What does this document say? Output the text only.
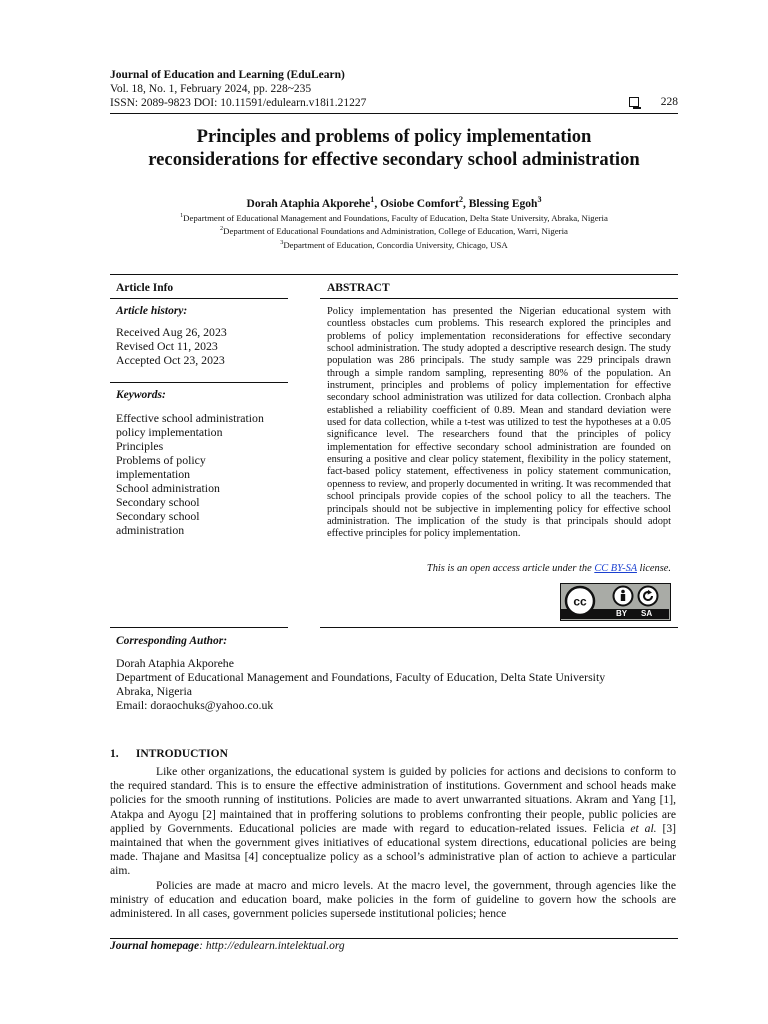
Journal of Education and Learning (EduLearn)
Vol. 18, No. 1, February 2024, pp. 228~235
ISSN: 2089-9823 DOI: 10.11591/edulearn.v18i1.21227	228
Principles and problems of policy implementation
reconsiderations for effective secondary school administration
Dorah Ataphia Akporehe$^1$, Osiobe Comfort$^2$, Blessing Egoh$^3$
$^1$Department of Educational Management and Foundations, Faculty of Education, Delta State University, Abraka, Nigeria
$^2$Department of Educational Foundations and Administration, College of Education, Warri, Nigeria
$^3$Department of Education, Concordia University, Chicago, USA
Article Info
Article history:
Received Aug 26, 2023
Revised Oct 11, 2023
Accepted Oct 23, 2023
Keywords:
Effective school administration
policy implementation
Principles
Problems of policy
implementation
School administration
Secondary school
Secondary school
administration
ABSTRACT
Policy implementation has presented the Nigerian educational system with countless obstacles cum problems. This research explored the principles and problems of policy implementation reconsiderations for effective secondary school administration. The study adopted a descriptive research design. The study population was 286 principals. The study sample was 229 principals drawn through a simple random sampling, representing 80% of the population. An instrument, principles and problems of policy implementation for effective secondary school administration was utilized for data collection. Cronbach alpha established a reliability coefficient of 0.89. Mean and standard deviation were used for data collection, while a t-test was utilized to test the hypotheses at a 0.05 significance level. The researchers found that the principles of policy implementation for effective secondary school administration are founded on ensuring a positive and clear policy statement, flexibility in the policy statement, fact-based policy statement, effectiveness in policy statement communication, openness to review, and properly documented in writing. It was recommended that school principals provide copies of the school policy to all the teachers. The principals should not be subjective in implementing policy for effective school administration. The implication of the study is that principals should adopt effective principles for policy implementation.
This is an open access article under the CC BY-SA license.
cc
BY SA
Corresponding Author:
Dorah Ataphia Akporehe
Department of Educational Management and Foundations, Faculty of Education, Delta State University
Abraka, Nigeria
Email: doraochuks@yahoo.co.uk
1.      INTRODUCTION

Like other organizations, the educational system is guided by policies for actions and decisions to conform to the required standard. This is to ensure the effective administration of institutions. Government and school heads make policies for the smooth running of institutions. Policies are made to avert unwarranted situations. Akram and Yang [1], Atakpa and Ayogu [2] maintained that in proffering solutions to problems confronting their people, public policies are applied by Governments. Educational policies are made with regard to education-related issues. Felicia et al. [3] maintained that when the government gives initiatives of educational system directions, educational policies are being made. Thajane and Masitsa [4] conceptualize policy as a school’s administrative plan of action to achieve a particular aim.

Policies are made at macro and micro levels. At the macro level, the government, through agencies like the ministry of education and education board, make policies in the form of guideline to govern how the schools are administered. In all cases, government policies supersede institutional policies; hence

Journal homepage: http://edulearn.intelektual.org
